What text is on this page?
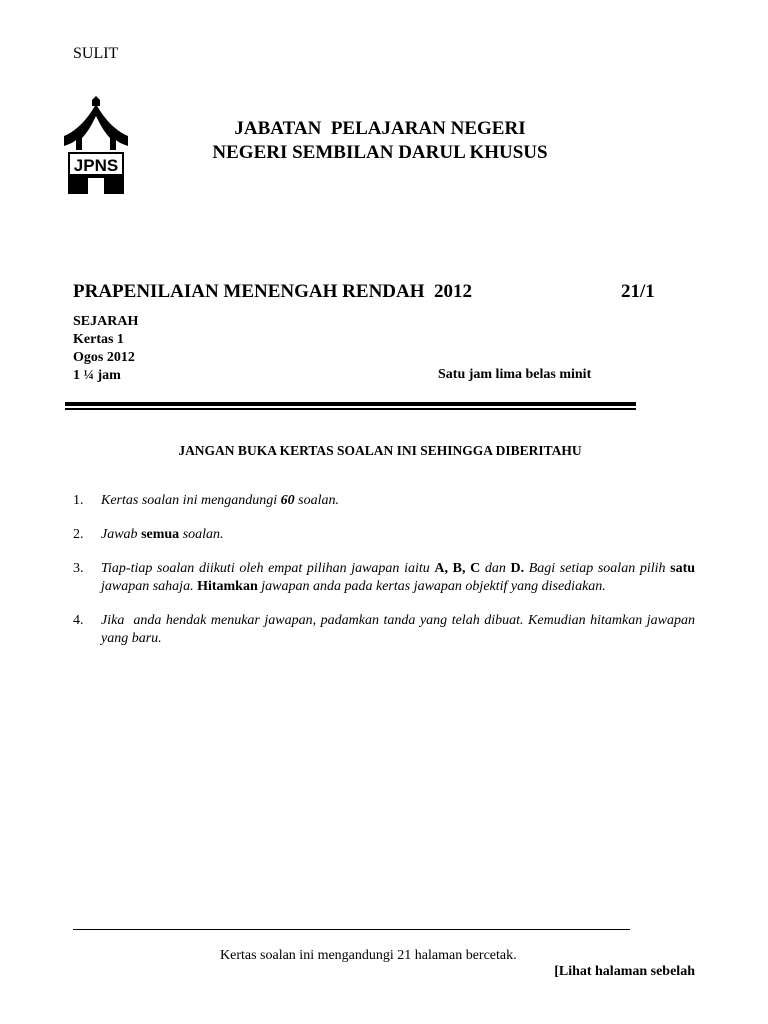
SULIT
JPNS
JABATAN  PELAJARAN NEGERI
NEGERI SEMBILAN DARUL KHUSUS
PRAPENILAIAN MENENGAH RENDAH  2012	21/1
SEJARAH
Kertas 1
Ogos 2012
1 ¼ jam	Satu jam lima belas minit
JANGAN BUKA KERTAS SOALAN INI SEHINGGA DIBERITAHU
1. Kertas soalan ini mengandungi 60 soalan.
2. Jawab semua soalan.
3. Tiap-tiap soalan diikuti oleh empat pilihan jawapan iaitu A, B, C dan D. Bagi setiap soalan pilih satu jawapan sahaja. Hitamkan jawapan anda pada kertas jawapan objektif yang disediakan.
4. Jika  anda hendak menukar jawapan, padamkan tanda yang telah dibuat. Kemudian hitamkan jawapan yang baru.
Kertas soalan ini mengandungi 21 halaman bercetak.
[Lihat halaman sebelah
